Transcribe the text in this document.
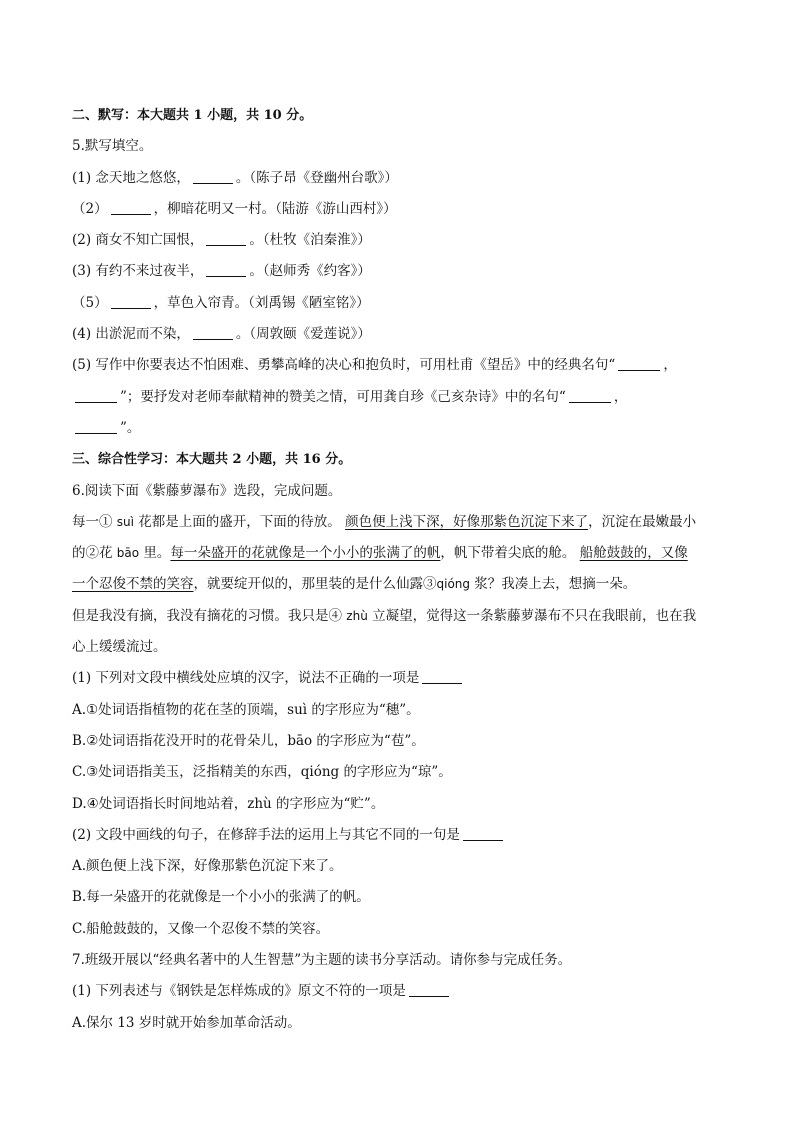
二、默写：本大题共 1 小题，共 10 分。
5.默写填空。
(1) 念天地之悠悠，	。（陈子昂《登幽州台歌》）
（2）	，柳暗花明又一村。（陆游《游山西村》）
(2) 商女不知亡国恨，	。（杜牧《泊秦淮》）
(3) 有约不来过夜半，	。（赵师秀《约客》）
（5）	，草色入帘青。（刘禹锡《陋室铭》）
(4) 出淤泥而不染，	。（周敦颐《爱莲说》）
(5) 写作中你要表达不怕困难、勇攀高峰的决心和抱负时，可用杜甫《望岳》中的经典名句“	，
”；要抒发对老师奉献精神的赞美之情，可用龚自珍《己亥杂诗》中的名句“	，
”。
三、综合性学习：本大题共 2 小题，共 16 分。
6.阅读下面《紫藤萝瀑布》选段，完成问题。
每一① suì 花都是上面的盛开，下面的待放。 颜色便上浅下深，好像那紫色沉淀下来了，沉淀在最嫩最小
的②花 bāo 里。每一朵盛开的花就像是一个小小的张满了的帆，帆下带着尖底的舱。 船舱鼓鼓的，又像
一个忍俊不禁的笑容，就要绽开似的，那里装的是什么仙露③qióng 浆？我凑上去，想摘一朵。
但是我没有摘，我没有摘花的习惯。我只是④ zhù 立凝望，觉得这一条紫藤萝瀑布不只在我眼前，也在我
心上缓缓流过。
(1) 下列对文段中横线处应填的汉字，说法不正确的一项是
A.①处词语指植物的花在茎的顶端，suì 的字形应为“穗”。
B.②处词语指花没开时的花骨朵儿，bāo 的字形应为“苞”。
C.③处词语指美玉，泛指精美的东西，qióng 的字形应为“琼”。
D.④处词语指长时间地站着，zhù 的字形应为“贮”。
(2) 文段中画线的句子，在修辞手法的运用上与其它不同的一句是
A.颜色便上浅下深，好像那紫色沉淀下来了。
B.每一朵盛开的花就像是一个小小的张满了的帆。
C.船舱鼓鼓的，又像一个忍俊不禁的笑容。
7.班级开展以“经典名著中的人生智慧”为主题的读书分享活动。请你参与完成任务。
(1) 下列表述与《钢铁是怎样炼成的》原文不符的一项是
A.保尔 13 岁时就开始参加革命活动。
